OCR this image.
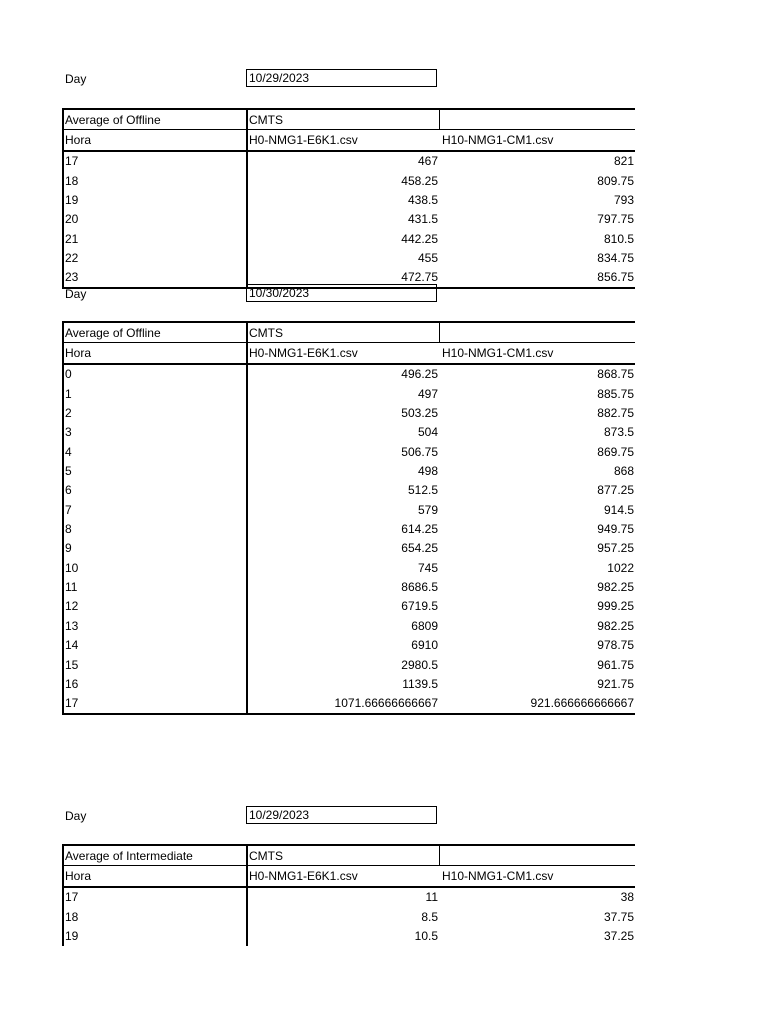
Day	10/29/2023
Average of Offline	CMTS	
Hora	H0-NMG1-E6K1.csv	H10-NMG1-CM1.csv
17	467	821
18	458.25	809.75
19	438.5	793
20	431.5	797.75
21	442.25	810.5
22	455	834.75
23	472.75	856.75
Day	10/30/2023
Average of Offline	CMTS	
Hora	H0-NMG1-E6K1.csv	H10-NMG1-CM1.csv
0	496.25	868.75
1	497	885.75
2	503.25	882.75
3	504	873.5
4	506.75	869.75
5	498	868
6	512.5	877.25
7	579	914.5
8	614.25	949.75
9	654.25	957.25
10	745	1022
11	8686.5	982.25
12	6719.5	999.25
13	6809	982.25
14	6910	978.75
15	2980.5	961.75
16	1139.5	921.75
17	1071.66666666667	921.666666666667
Day	10/29/2023
Average of Intermediate	CMTS	
Hora	H0-NMG1-E6K1.csv	H10-NMG1-CM1.csv
17	11	38
18	8.5	37.75
19	10.5	37.25
